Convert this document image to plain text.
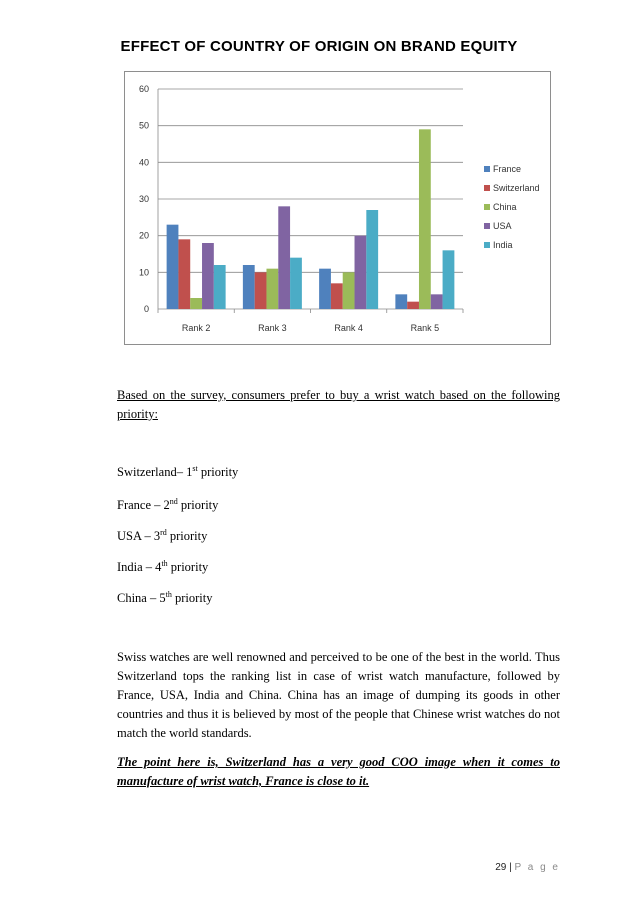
EFFECT OF COUNTRY OF ORIGIN ON BRAND EQUITY
0
10
20
30
40
50
60
Rank 2	Rank 3	Rank 4	Rank 5
France
Switzerland
China
USA
India
Based on the survey, consumers prefer to buy a wrist watch based on the following priority:
Switzerland– 1st priority
France – 2nd priority
USA – 3rd priority
India – 4th priority
China – 5th priority
Swiss watches are well renowned and perceived to be one of the best in the world. Thus Switzerland tops the ranking list in case of wrist watch manufacture, followed by France, USA, India and China. China has an image of dumping its goods in other countries and thus it is believed by most of the people that Chinese wrist watches do not match the world standards.
The point here is, Switzerland has a very good COO image when it comes to manufacture of wrist watch, France is close to it.
29 | P a g e
